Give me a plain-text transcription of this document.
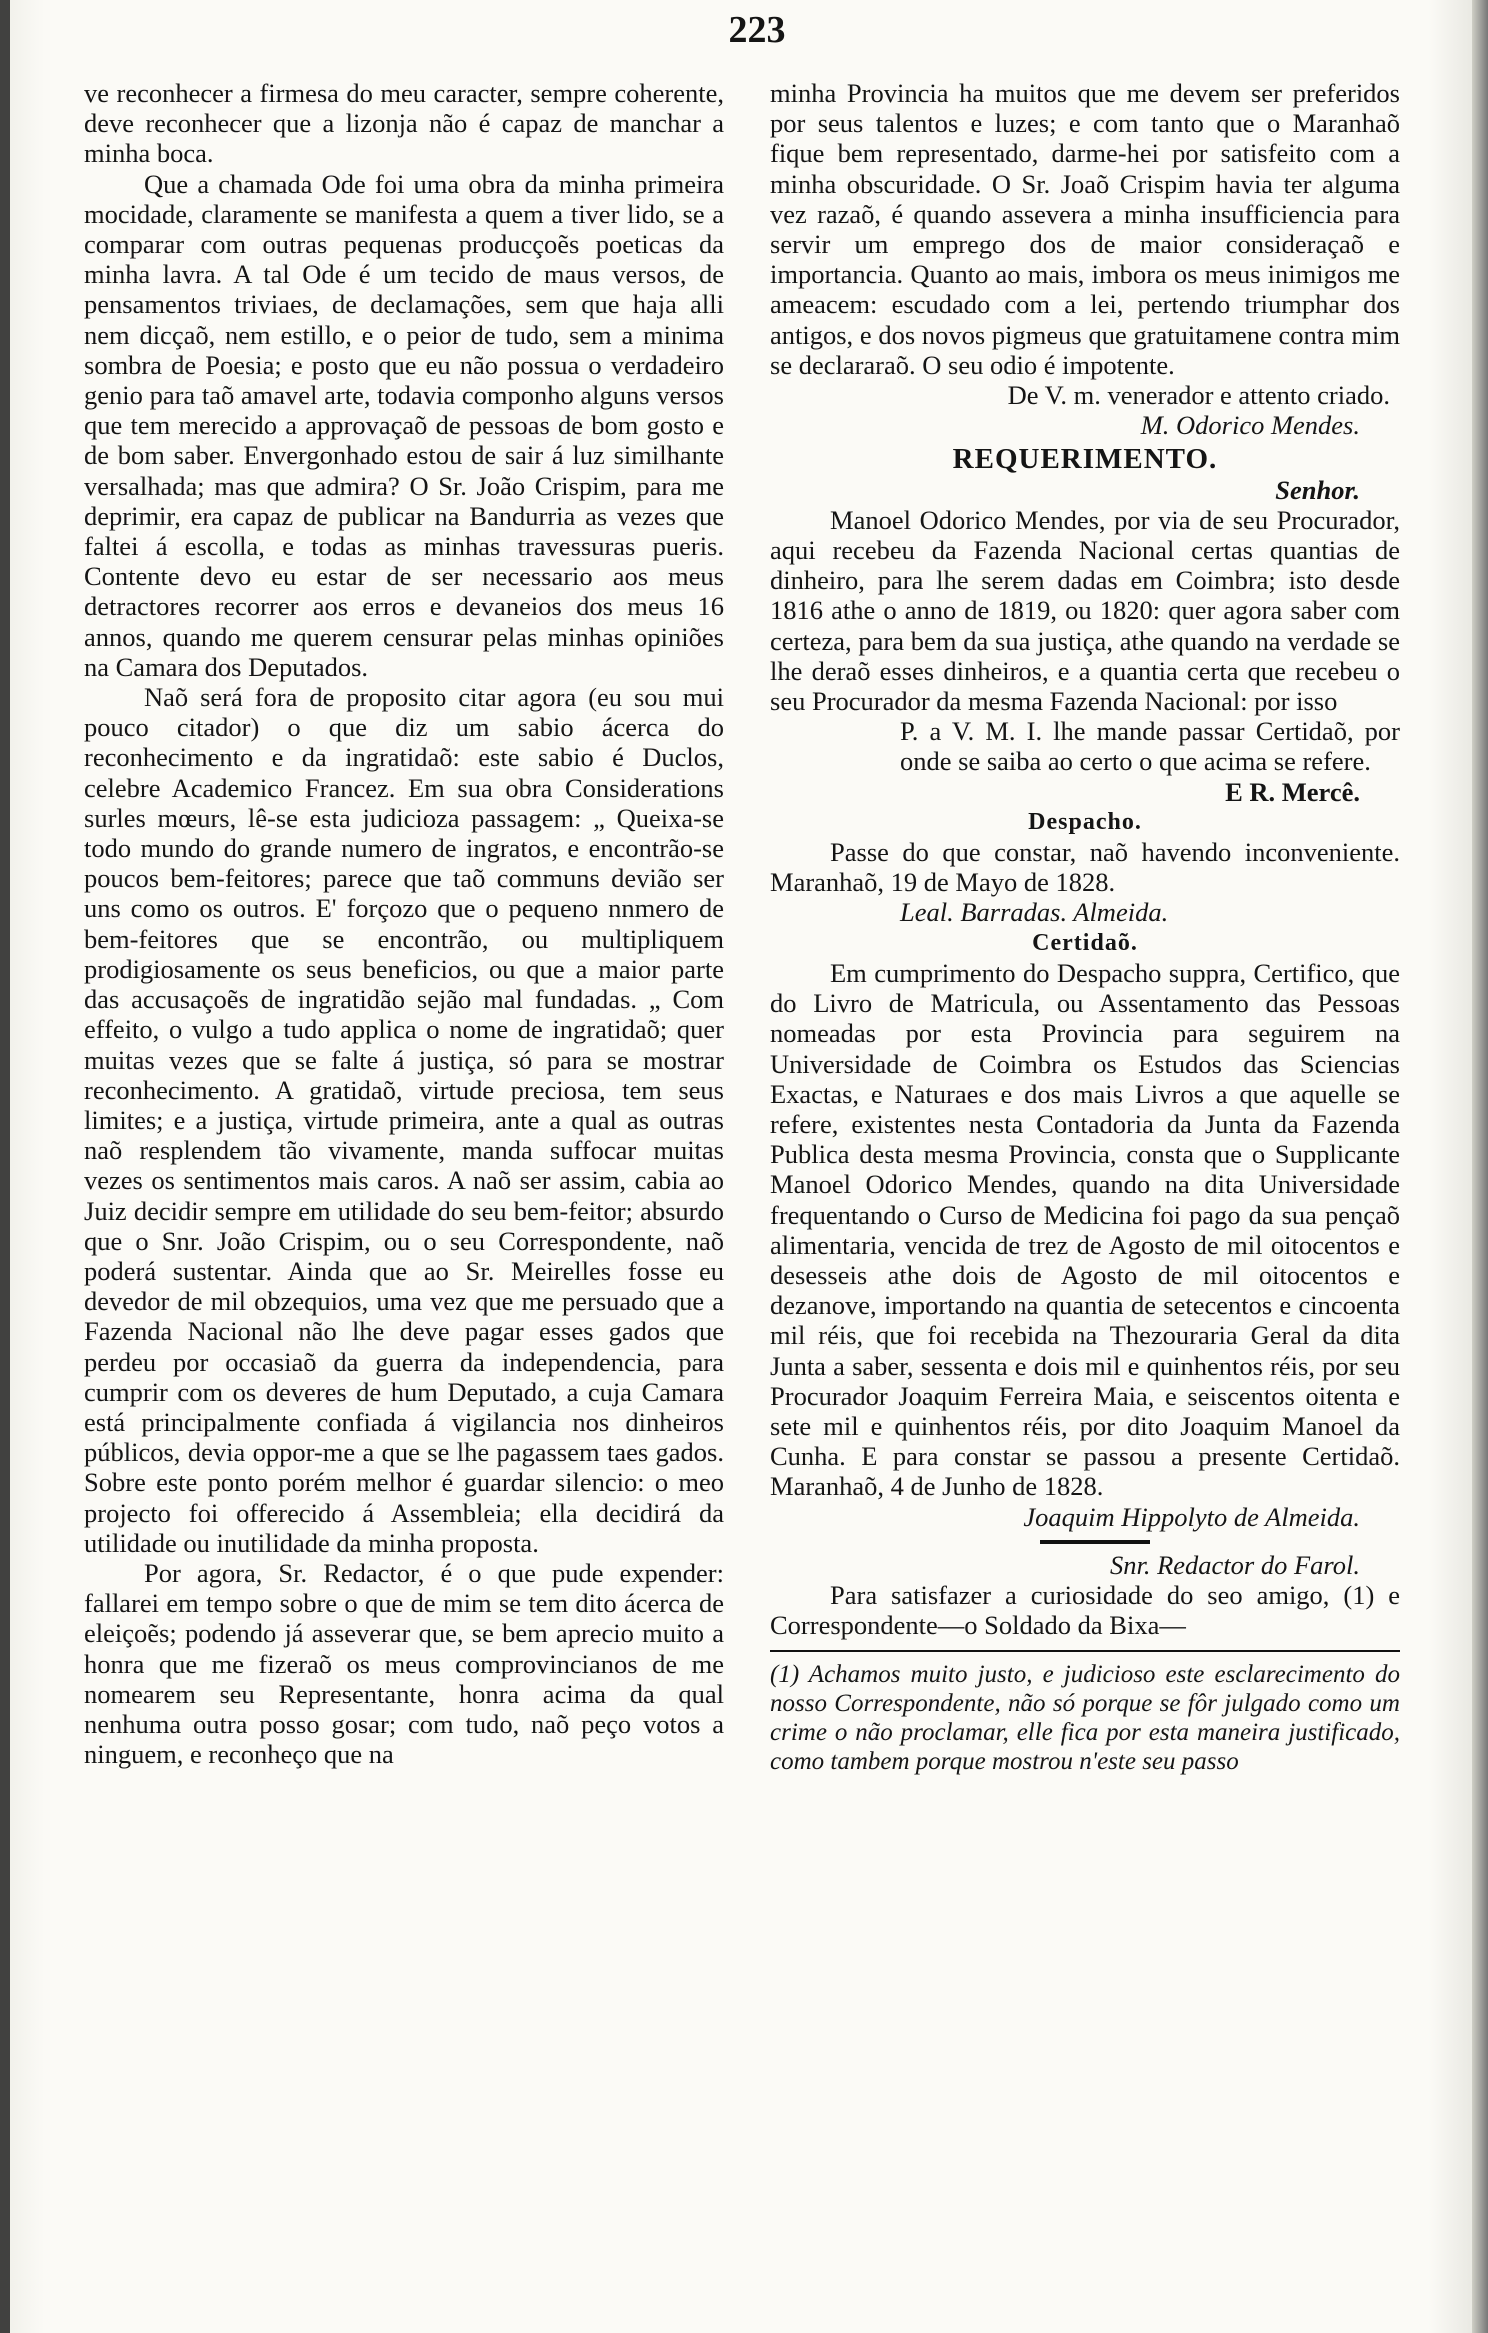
223

ve reconhecer a firmesa do meu caracter, sempre coherente, deve reconhecer que a lizonja não é capaz de manchar a minha boca.

Que a chamada Ode foi uma obra da minha primeira mocidade, claramente se manifesta a quem a tiver lido, se a comparar com outras pequenas producçoẽs poeticas da minha lavra. A tal Ode é um tecido de maus versos, de pensamentos triviaes, de declamações, sem que haja alli nem dicçaõ, nem estillo, e o peior de tudo, sem a minima sombra de Poesia; e posto que eu não possua o verdadeiro genio para taõ amavel arte, todavia componho alguns versos que tem merecido a approvaçaõ de pessoas de bom gosto e de bom saber. Envergonhado estou de sair á luz similhante versalhada; mas que admira? O Sr. João Crispim, para me deprimir, era capaz de publicar na Bandurria as vezes que faltei á escolla, e todas as minhas travessuras pueris. Contente devo eu estar de ser necessario aos meus detractores recorrer aos erros e devaneios dos meus 16 annos, quando me querem censurar pelas minhas opiniões na Camara dos Deputados.

Naõ será fora de proposito citar agora (eu sou mui pouco citador) o que diz um sabio ácerca do reconhecimento e da ingratidaõ: este sabio é Duclos, celebre Academico Francez. Em sua obra Considerations surles mœurs, lê-se esta judicioza passagem: „ Queixa-se todo mundo do grande numero de ingratos, e encontrão-se poucos bem-feitores; parece que taõ communs devião ser uns como os outros. E' forçozo que o pequeno nnmero de bem-feitores que se encontrão, ou multipliquem prodigiosamente os seus beneficios, ou que a maior parte das accusaçoẽs de ingratidão sejão mal fundadas. „ Com effeito, o vulgo a tudo applica o nome de ingratidaõ; quer muitas vezes que se falte á justiça, só para se mostrar reconhecimento. A gratidaõ, virtude preciosa, tem seus limites; e a justiça, virtude primeira, ante a qual as outras naõ resplendem tão vivamente, manda suffocar muitas vezes os sentimentos mais caros. A naõ ser assim, cabia ao Juiz decidir sempre em utilidade do seu bem-feitor; absurdo que o Snr. João Crispim, ou o seu Correspondente, naõ poderá sustentar. Ainda que ao Sr. Meirelles fosse eu devedor de mil obzequios, uma vez que me persuado que a Fazenda Nacional não lhe deve pagar esses gados que perdeu por occasiaõ da guerra da independencia, para cumprir com os deveres de hum Deputado, a cuja Camara está principalmente confiada á vigilancia nos dinheiros públicos, devia oppor-me a que se lhe pagassem taes gados. Sobre este ponto porém melhor é guardar silencio: o meo projecto foi offerecido á Assembleia; ella decidirá da utilidade ou inutilidade da minha proposta.

Por agora, Sr. Redactor, é o que pude expender: fallarei em tempo sobre o que de mim se tem dito ácerca de eleiçoẽs; podendo já asseverar que, se bem aprecio muito a honra que me fizeraõ os meus comprovincianos de me nomearem seu Representante, honra acima da qual nenhuma outra posso gosar; com tudo, naõ peço votos a ninguem, e reconheço que na

minha Provincia ha muitos que me devem ser preferidos por seus talentos e luzes; e com tanto que o Maranhaõ fique bem representado, darme-hei por satisfeito com a minha obscuridade. O Sr. Joaõ Crispim havia ter alguma vez razaõ, é quando assevera a minha insufficiencia para servir um emprego dos de maior consideraçaõ e importancia. Quanto ao mais, imbora os meus inimigos me ameacem: escudado com a lei, pertendo triumphar dos antigos, e dos novos pigmeus que gratuitamene contra mim se declararaõ. O seu odio é impotente.

De V. m. venerador e attento criado.

M. Odorico Mendes.

REQUERIMENTO.

Senhor.

Manoel Odorico Mendes, por via de seu Procurador, aqui recebeu da Fazenda Nacional certas quantias de dinheiro, para lhe serem dadas em Coimbra; isto desde 1816 athe o anno de 1819, ou 1820: quer agora saber com certeza, para bem da sua justiça, athe quando na verdade se lhe deraõ esses dinheiros, e a quantia certa que recebeu o seu Procurador da mesma Fazenda Nacional: por isso

P. a V. M. I. lhe mande passar Certidaõ, por onde se saiba ao certo o que acima se refere.

E R. Mercê.

Despacho.

Passe do que constar, naõ havendo inconveniente. Maranhaõ, 19 de Mayo de 1828.

Leal. Barradas. Almeida.

Certidaõ.

Em cumprimento do Despacho suppra, Certifico, que do Livro de Matricula, ou Assentamento das Pessoas nomeadas por esta Provincia para seguirem na Universidade de Coimbra os Estudos das Sciencias Exactas, e Naturaes e dos mais Livros a que aquelle se refere, existentes nesta Contadoria da Junta da Fazenda Publica desta mesma Provincia, consta que o Supplicante Manoel Odorico Mendes, quando na dita Universidade frequentando o Curso de Medicina foi pago da sua pençaõ alimentaria, vencida de trez de Agosto de mil oitocentos e desesseis athe dois de Agosto de mil oitocentos e dezanove, importando na quantia de setecentos e cincoenta mil réis, que foi recebida na Thezouraria Geral da dita Junta a saber, sessenta e dois mil e quinhentos réis, por seu Procurador Joaquim Ferreira Maia, e seiscentos oitenta e sete mil e quinhentos réis, por dito Joaquim Manoel da Cunha. E para constar se passou a presente Certidaõ. Maranhaõ, 4 de Junho de 1828.

Joaquim Hippolyto de Almeida.

Snr. Redactor do Farol.

Para satisfazer a curiosidade do seo amigo, (1) e Correspondente—o Soldado da Bixa—

(1) Achamos muito justo, e judicioso este esclarecimento do nosso Correspondente, não só porque se fôr julgado como um crime o não proclamar, elle fica por esta maneira justificado, como tambem porque mostrou n'este seu passo
